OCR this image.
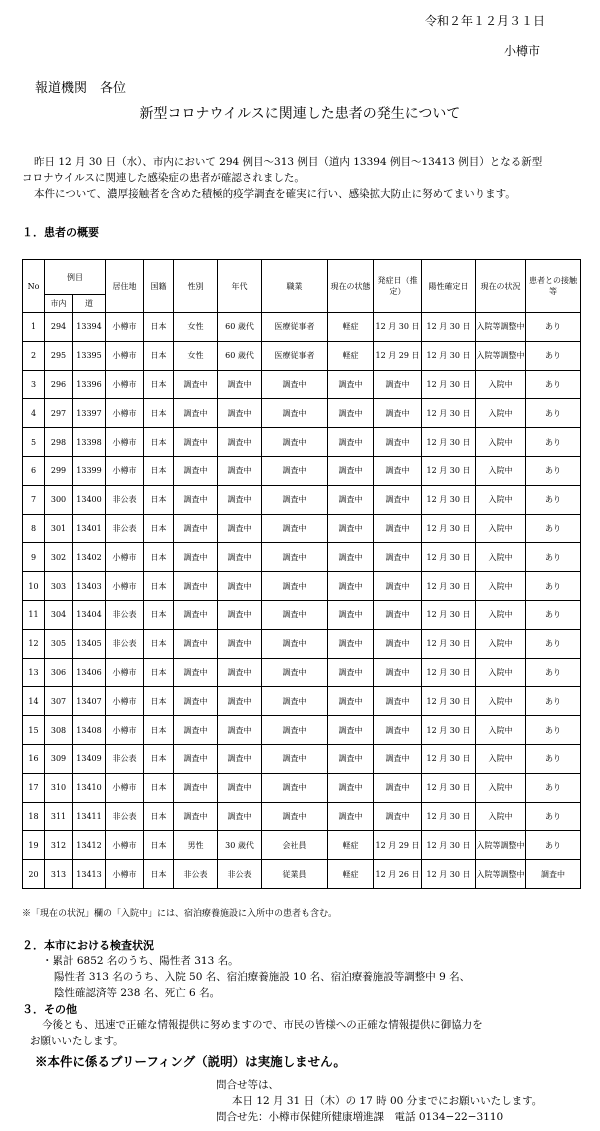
令和２年１２月３１日
小樽市
報道機関　各位
新型コロナウイルスに関連した患者の発生について
昨日 12 月 30 日（水）、市内において 294 例目〜313 例目（道内 13394 例目〜13413 例目）となる新型
コロナウイルスに関連した感染症の患者が確認されました。
本件について、濃厚接触者を含めた積極的疫学調査を確実に行い、感染拡大防止に努めてまいります。
１．患者の概要
No	例目		居住地	国籍	性別	年代	職業	現在の状態	発症日（推定）	陽性確定日	現在の状況	患者との接触等
	市内	道										
1	294	13394	小樽市	日本	女性	60 歳代	医療従事者	軽症	12 月 30 日	12 月 30 日	入院等調整中	あり
2	295	13395	小樽市	日本	女性	60 歳代	医療従事者	軽症	12 月 29 日	12 月 30 日	入院等調整中	あり
3	296	13396	小樽市	日本	調査中	調査中	調査中	調査中	調査中	12 月 30 日	入院中	あり
4	297	13397	小樽市	日本	調査中	調査中	調査中	調査中	調査中	12 月 30 日	入院中	あり
5	298	13398	小樽市	日本	調査中	調査中	調査中	調査中	調査中	12 月 30 日	入院中	あり
6	299	13399	小樽市	日本	調査中	調査中	調査中	調査中	調査中	12 月 30 日	入院中	あり
7	300	13400	非公表	日本	調査中	調査中	調査中	調査中	調査中	12 月 30 日	入院中	あり
8	301	13401	非公表	日本	調査中	調査中	調査中	調査中	調査中	12 月 30 日	入院中	あり
9	302	13402	小樽市	日本	調査中	調査中	調査中	調査中	調査中	12 月 30 日	入院中	あり
10	303	13403	小樽市	日本	調査中	調査中	調査中	調査中	調査中	12 月 30 日	入院中	あり
11	304	13404	非公表	日本	調査中	調査中	調査中	調査中	調査中	12 月 30 日	入院中	あり
12	305	13405	非公表	日本	調査中	調査中	調査中	調査中	調査中	12 月 30 日	入院中	あり
13	306	13406	小樽市	日本	調査中	調査中	調査中	調査中	調査中	12 月 30 日	入院中	あり
14	307	13407	小樽市	日本	調査中	調査中	調査中	調査中	調査中	12 月 30 日	入院中	あり
15	308	13408	小樽市	日本	調査中	調査中	調査中	調査中	調査中	12 月 30 日	入院中	あり
16	309	13409	非公表	日本	調査中	調査中	調査中	調査中	調査中	12 月 30 日	入院中	あり
17	310	13410	小樽市	日本	調査中	調査中	調査中	調査中	調査中	12 月 30 日	入院中	あり
18	311	13411	非公表	日本	調査中	調査中	調査中	調査中	調査中	12 月 30 日	入院中	あり
19	312	13412	小樽市	日本	男性	30 歳代	会社員	軽症	12 月 29 日	12 月 30 日	入院等調整中	あり
20	313	13413	小樽市	日本	非公表	非公表	従業員	軽症	12 月 26 日	12 月 30 日	入院等調整中	調査中
※「現在の状況」欄の「入院中」には、宿泊療養施設に入所中の患者も含む。
２．本市における検査状況
・累計 6852 名のうち、陽性者 313 名。
陽性者 313 名のうち、入院 50 名、宿泊療養施設 10 名、宿泊療養施設等調整中 9 名、
陰性確認済等 238 名、死亡 6 名。
３．その他
今後とも、迅速で正確な情報提供に努めますので、市民の皆様への正確な情報提供に御協力を
お願いいたします。
※本件に係るブリーフィング（説明）は実施しません。
問合せ等は、
本日 12 月 31 日（木）の 17 時 00 分までにお願いいたします。
問合せ先：小樽市保健所健康増進課　電話 0134−22−3110
